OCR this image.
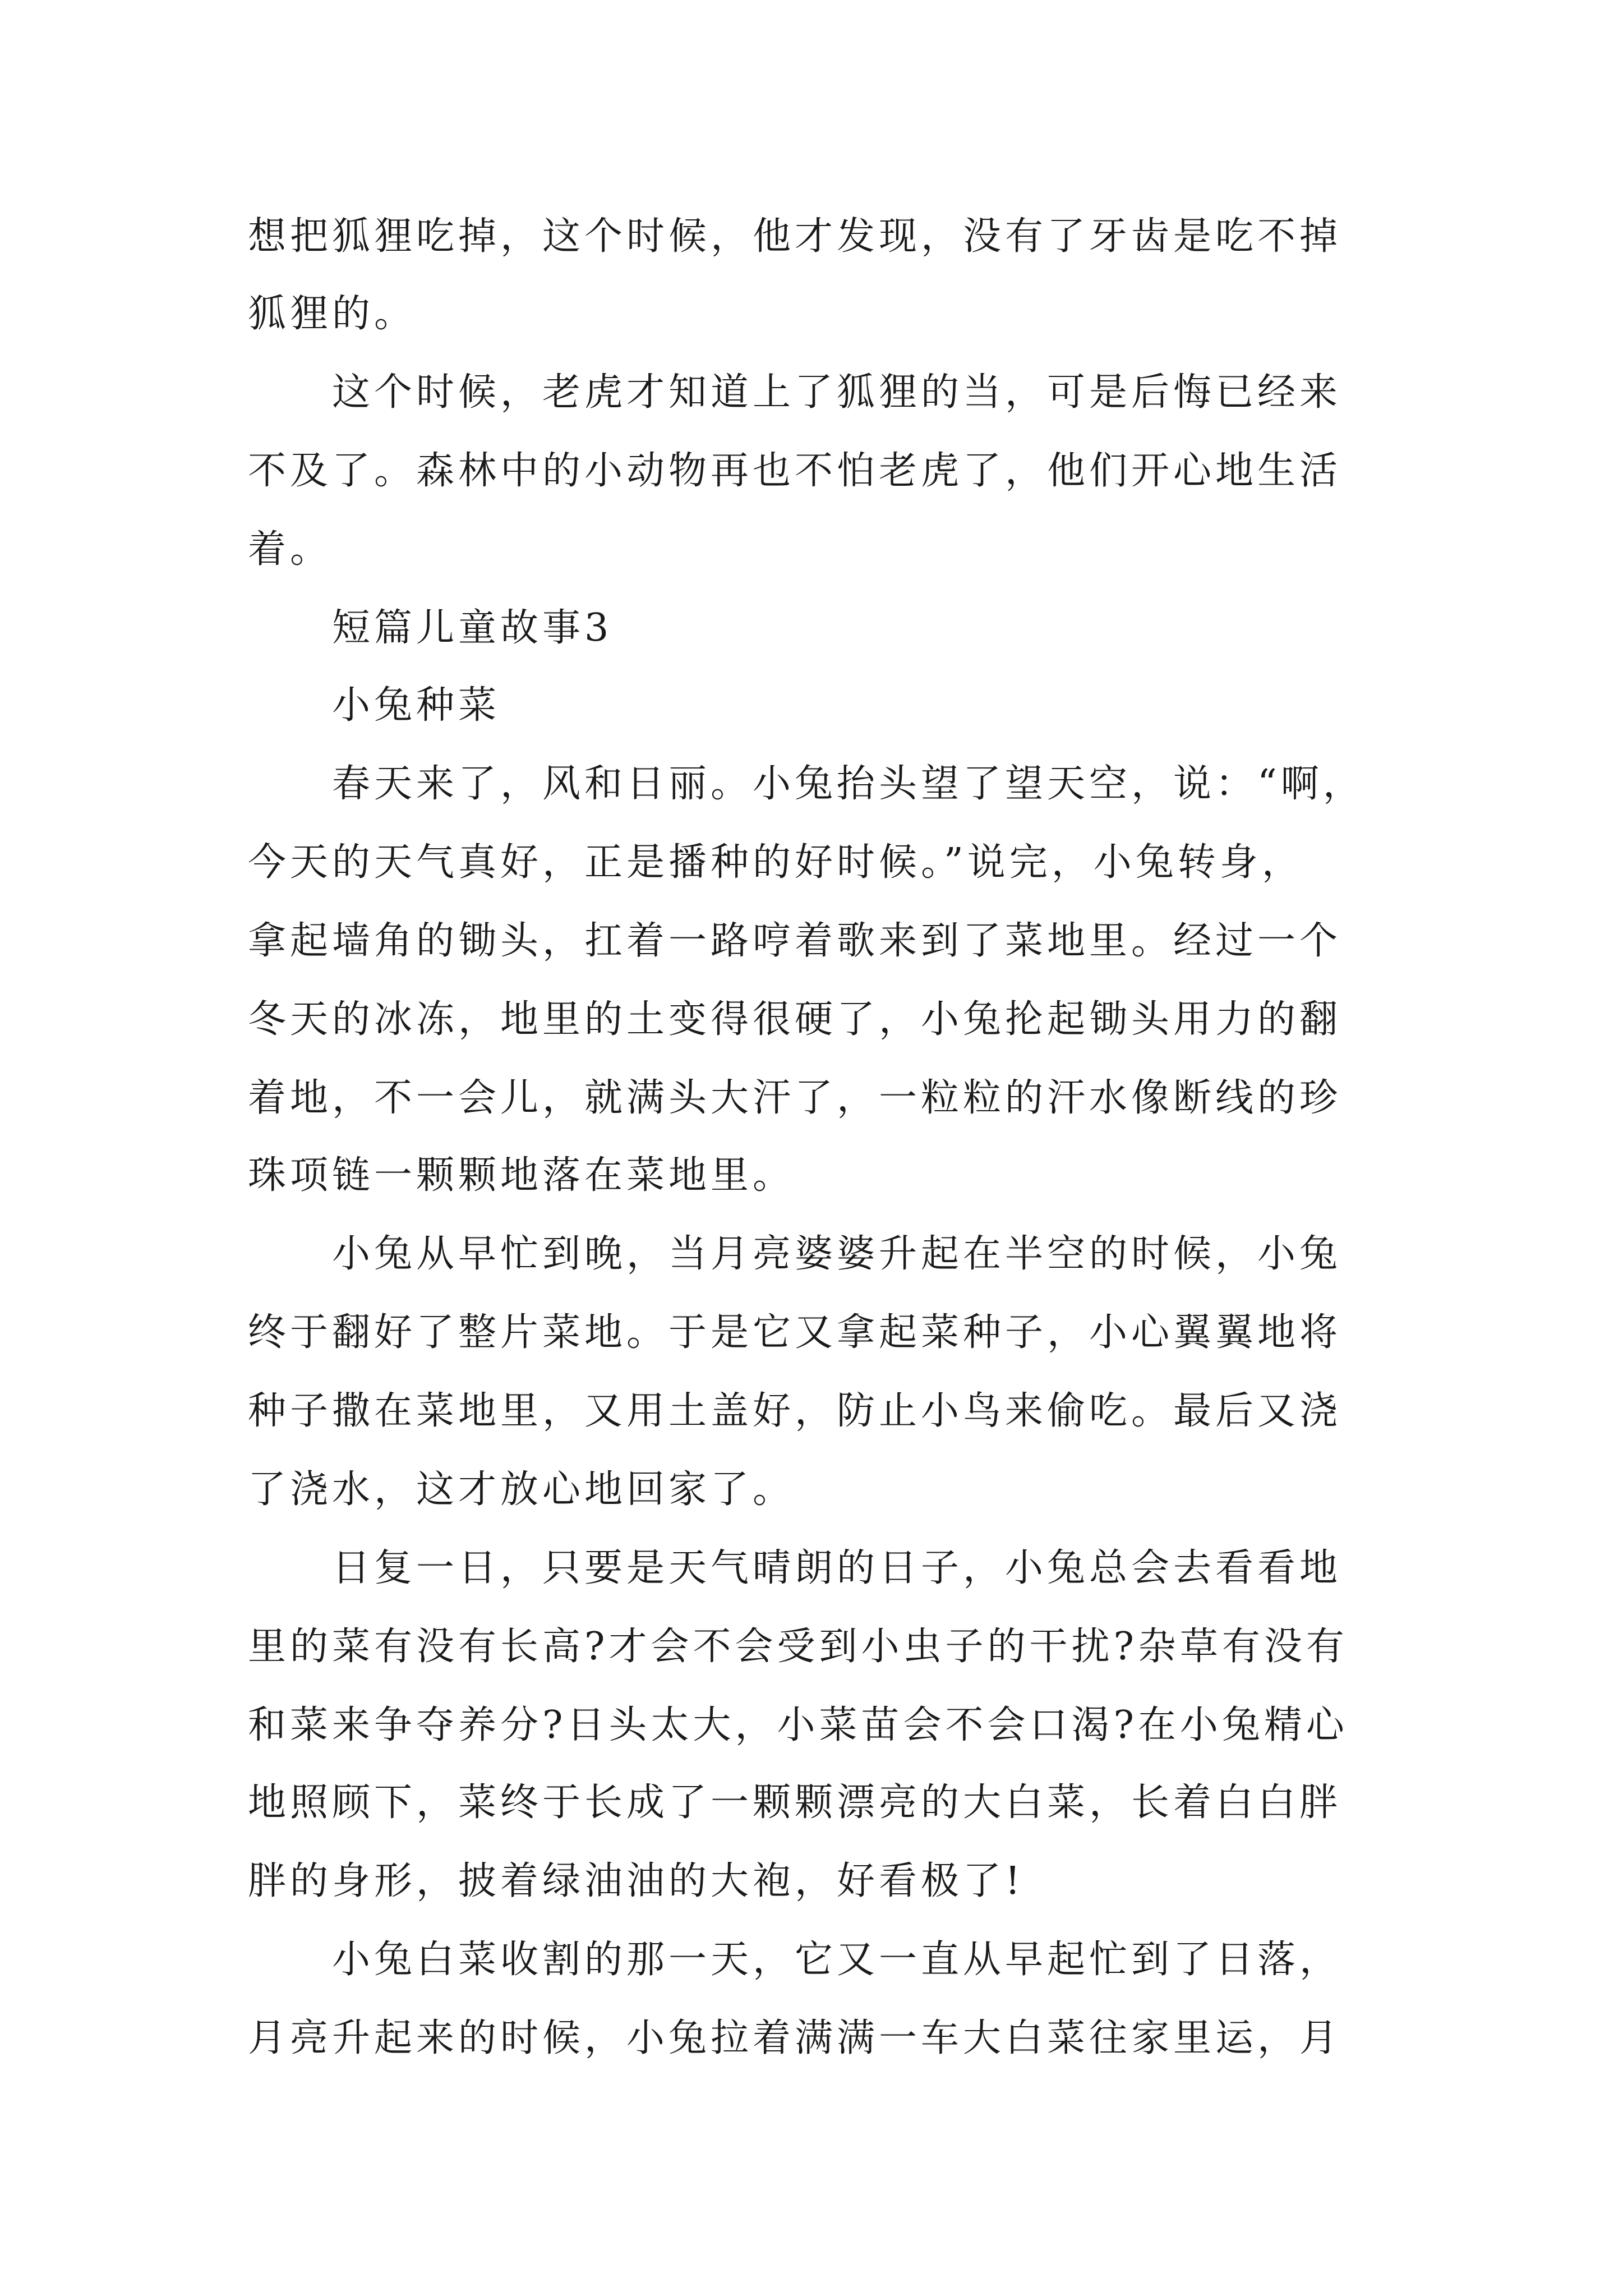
想把狐狸吃掉，这个时候，他才发现，没有了牙齿是吃不掉
狐狸的。
这个时候，老虎才知道上了狐狸的当，可是后悔已经来
不及了。森林中的小动物再也不怕老虎了，他们开心地生活
着。
短篇儿童故事3
小兔种菜
春天来了，风和日丽。小兔抬头望了望天空，说：“啊，
今天的天气真好，正是播种的好时候。”说完，小兔转身，
拿起墙角的锄头，扛着一路哼着歌来到了菜地里。经过一个
冬天的冰冻，地里的土变得很硬了，小兔抡起锄头用力的翻
着地，不一会儿，就满头大汗了，一粒粒的汗水像断线的珍
珠项链一颗颗地落在菜地里。
小兔从早忙到晚，当月亮婆婆升起在半空的时候，小兔
终于翻好了整片菜地。于是它又拿起菜种子，小心翼翼地将
种子撒在菜地里，又用土盖好，防止小鸟来偷吃。最后又浇
了浇水，这才放心地回家了。
日复一日，只要是天气晴朗的日子，小兔总会去看看地
里的菜有没有长高?才会不会受到小虫子的干扰?杂草有没有
和菜来争夺养分?日头太大，小菜苗会不会口渴?在小兔精心
地照顾下，菜终于长成了一颗颗漂亮的大白菜，长着白白胖
胖的身形，披着绿油油的大袍，好看极了!
小兔白菜收割的那一天，它又一直从早起忙到了日落，
月亮升起来的时候，小兔拉着满满一车大白菜往家里运，月
